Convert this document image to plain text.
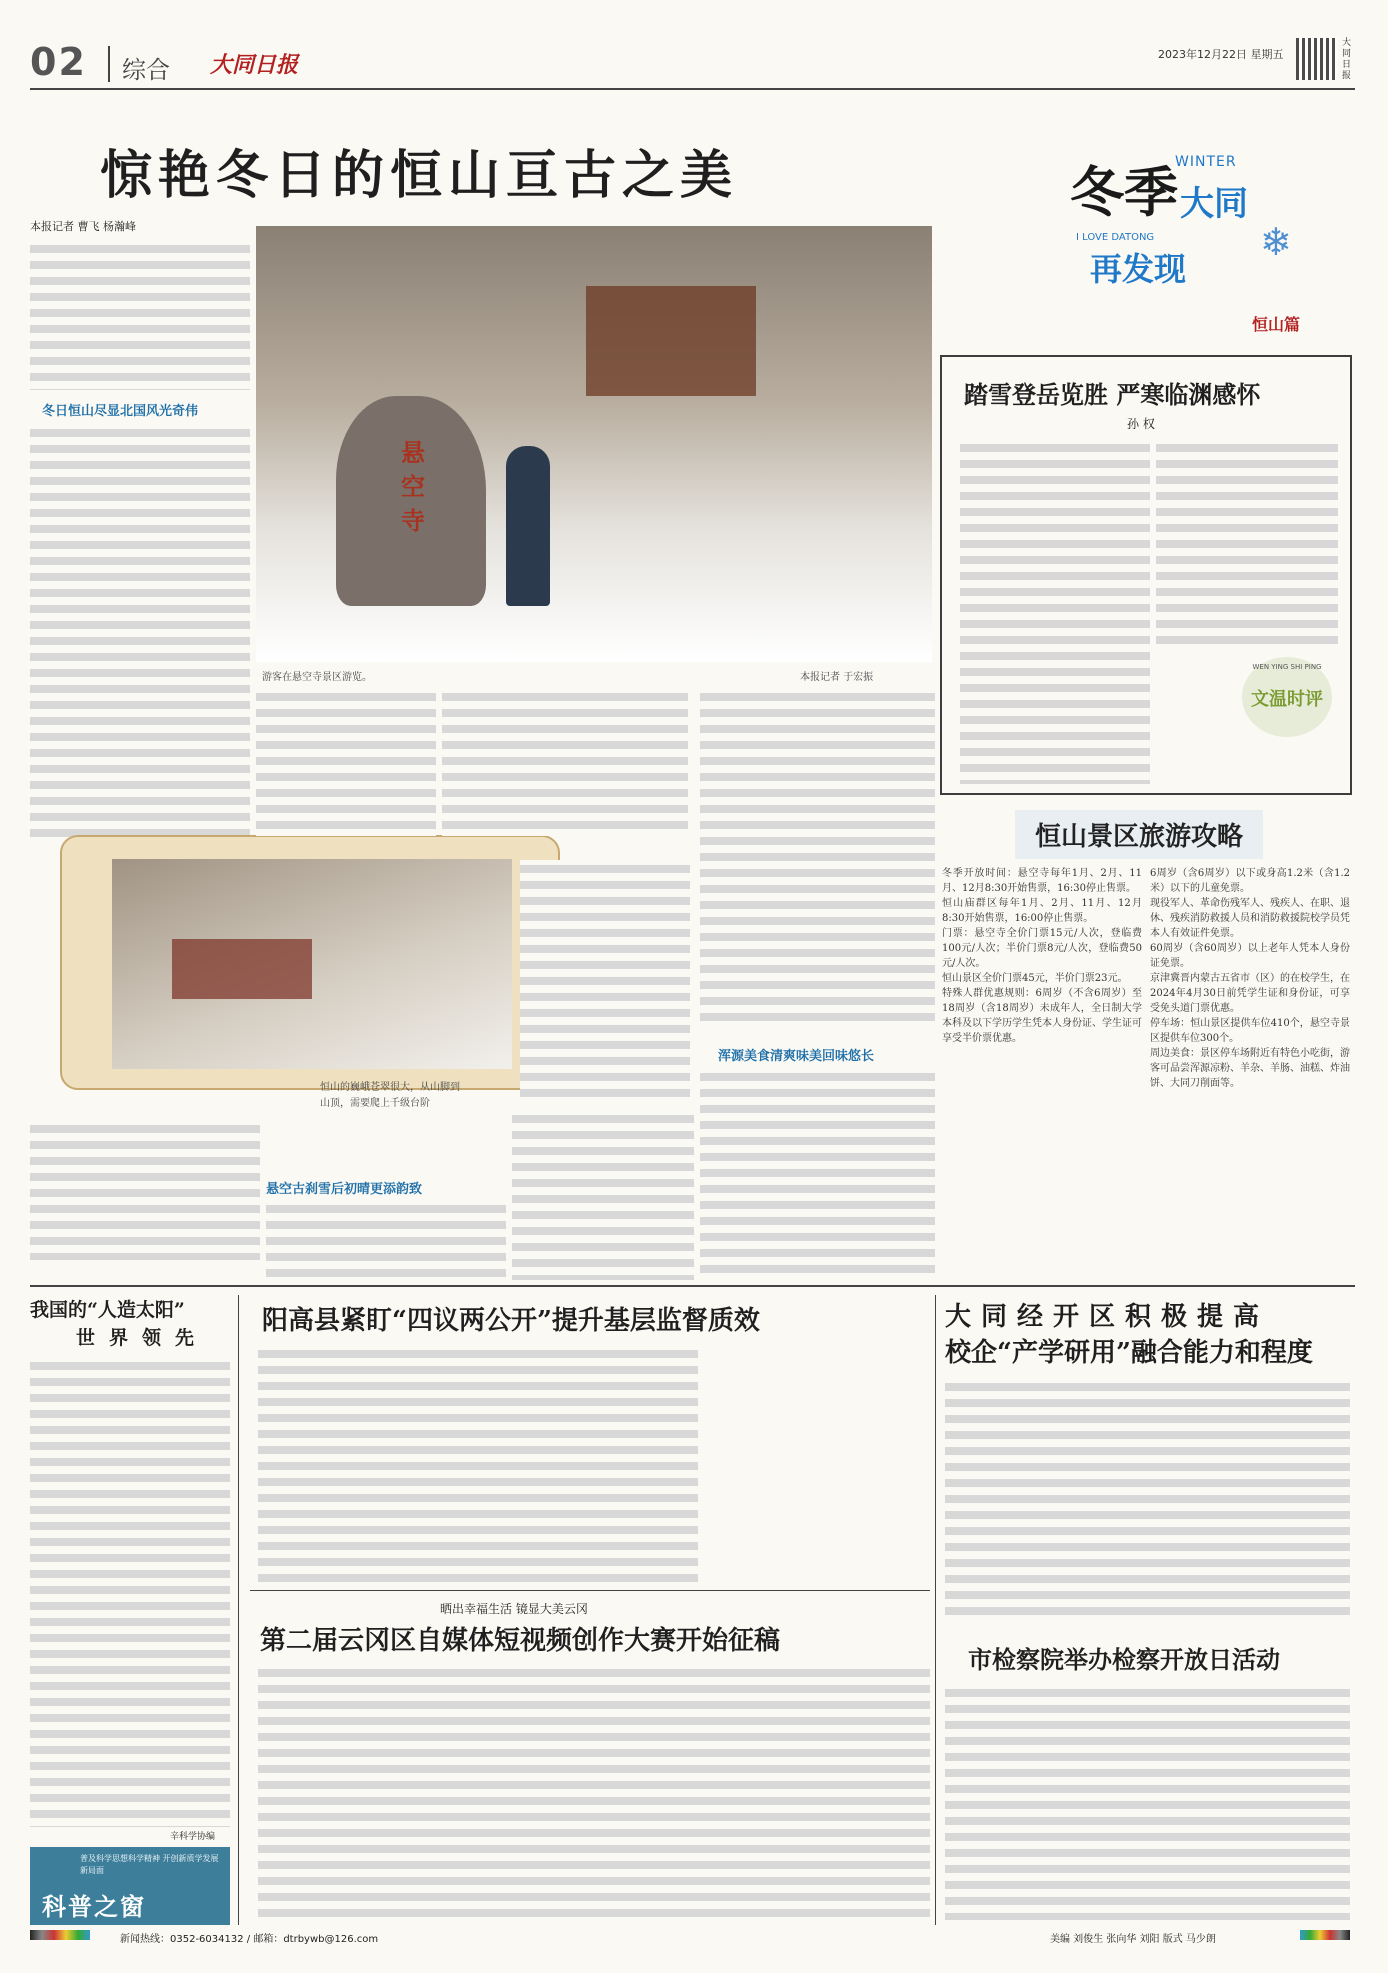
02 综合 大同日报	2023年12月22日 星期五
大同日报
惊艳冬日的恒山亘古之美
本报记者 曹飞 杨瀚峰
冬日恒山尽显北国风光奇伟
悬空寺
游客在悬空寺景区游览。	本报记者 于宏振
恒山的巍峨苍翠很大，从山脚到山顶，需要爬上千级台阶
悬空古刹雪后初晴更添韵致
浑源美食清爽味美回味悠长
冬季 大同
WINTER
I LOVE DATONG
再发现
❄
恒山篇
踏雪登岳览胜 严寒临渊感怀
孙 权
WEN YING SHI PING
文温时评
恒山景区旅游攻略

冬季开放时间：悬空寺每年1月、2月、11月、12月8:30开始售票，16:30停止售票。

恒山庙群区每年1月、2月、11月、12月8:30开始售票，16:00停止售票。

门票：悬空寺全价门票15元/人次，登临费100元/人次；半价门票8元/人次，登临费50元/人次。

恒山景区全价门票45元，半价门票23元。

特殊人群优惠规则：6周岁（不含6周岁）至18周岁（含18周岁）未成年人，全日制大学本科及以下学历学生凭本人身份证、学生证可享受半价票优惠。

6周岁（含6周岁）以下或身高1.2米（含1.2米）以下的儿童免票。

现役军人、革命伤残军人、残疾人、在职、退休、残疾消防救援人员和消防救援院校学员凭本人有效证件免票。

60周岁（含60周岁）以上老年人凭本人身份证免票。

京津冀晋内蒙古五省市（区）的在校学生，在2024年4月30日前凭学生证和身份证，可享受免头道门票优惠。

停车场：恒山景区提供车位410个，悬空寺景区提供车位300个。

周边美食：景区停车场附近有特色小吃街，游客可品尝浑源凉粉、羊杂、羊肠、油糕、炸油饼、大同刀削面等。

我国的“人造太阳”
世界领先
辛科学协编
普及科学思想科学精神 开创新质学发展新局面
科普之窗
阳高县紧盯“四议两公开”提升基层监督质效
晒出幸福生活 镜显大美云冈
第二届云冈区自媒体短视频创作大赛开始征稿
大同经开区积极提高
校企“产学研用”融合能力和程度
市检察院举办检察开放日活动
新闻热线：0352-6034132 / 邮箱：dtrbywb@126.com	美编 刘俊生 张向华 刘阳 版式 马少朗
